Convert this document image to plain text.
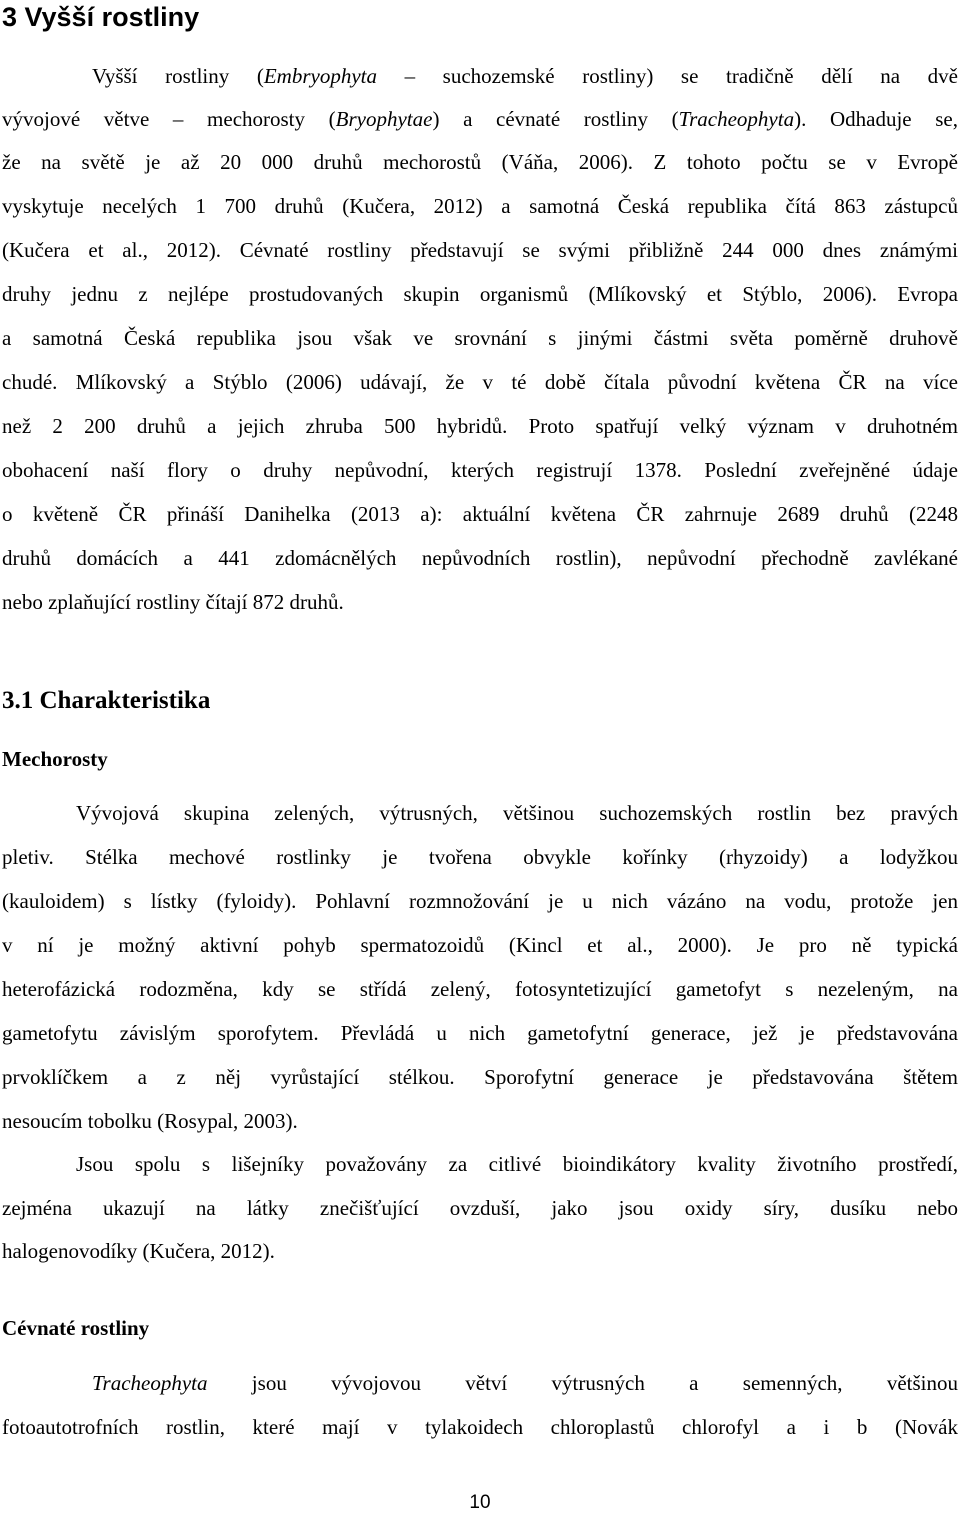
3 Vyšší rostliny
Vyšší rostliny (Embryophyta – suchozemské rostliny) se tradičně dělí na dvě
vývojové větve – mechorosty (Bryophytae) a cévnaté rostliny (Tracheophyta). Odhaduje se,
že na světě je až 20 000 druhů mechorostů (Váňa, 2006). Z tohoto počtu se v Evropě
vyskytuje necelých 1 700 druhů (Kučera, 2012) a samotná Česká republika čítá 863 zástupců
(Kučera et al., 2012). Cévnaté rostliny představují se svými přibližně 244 000 dnes známými
druhy jednu z nejlépe prostudovaných skupin organismů (Mlíkovský et Stýblo, 2006). Evropa
a samotná Česká republika jsou však ve srovnání s jinými částmi světa poměrně druhově
chudé. Mlíkovský a Stýblo (2006) udávají, že v té době čítala původní květena ČR na více
než 2 200 druhů a jejich zhruba 500 hybridů. Proto spatřují velký význam v druhotném
obohacení naší flory o druhy nepůvodní, kterých registrují 1378. Poslední zveřejněné údaje
o květeně ČR přináší Danihelka (2013 a): aktuální květena ČR zahrnuje 2689 druhů (2248
druhů domácích a 441 zdomácnělých nepůvodních rostlin), nepůvodní přechodně zavlékané
nebo zplaňující rostliny čítají 872 druhů.
3.1 Charakteristika
Mechorosty
Vývojová skupina zelených, výtrusných, většinou suchozemských rostlin bez pravých
pletiv. Stélka mechové rostlinky je tvořena obvykle kořínky (rhyzoidy) a lodyžkou
(kauloidem) s lístky (fyloidy). Pohlavní rozmnožování je u nich vázáno na vodu, protože jen
v ní je možný aktivní pohyb spermatozoidů (Kincl et al., 2000). Je pro ně typická
heterofázická rodozměna, kdy se střídá zelený, fotosyntetizující gametofyt s nezeleným, na
gametofytu závislým sporofytem. Převládá u nich gametofytní generace, jež je představována
prvoklíčkem a z něj vyrůstající stélkou. Sporofytní generace je představována štětem
nesoucím tobolku (Rosypal, 2003).
Jsou spolu s lišejníky považovány za citlivé bioindikátory kvality životního prostředí,
zejména ukazují na látky znečišťující ovzduší, jako jsou oxidy síry, dusíku nebo
halogenovodíky (Kučera, 2012).
Cévnaté rostliny
Tracheophyta jsou vývojovou větví výtrusných a semenných, většinou
fotoautotrofních rostlin, které mají v tylakoidech chloroplastů chlorofyl a i b (Novák
10
